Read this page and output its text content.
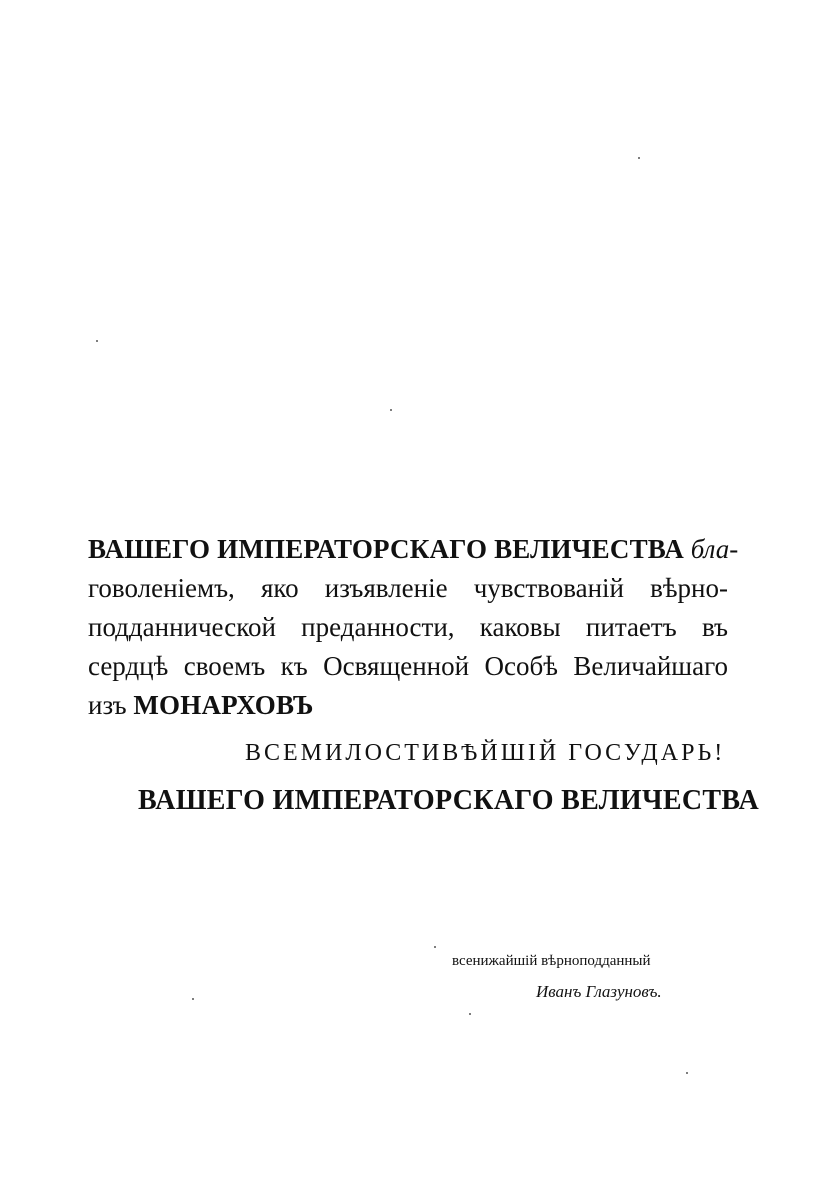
ВАШЕГО ИМПЕРАТОРСКАГО ВЕЛИЧЕСТВА бла-
говоленіемъ, яко изъявленіе чувствованій вѣрно-
подданнической преданности, каковы питаетъ въ
сердцѣ своемъ къ Освященной Особѣ Величайшаго
изъ МОНАРХОВЪ
ВСЕМИЛОСТИВѢЙШІЙ ГОСУДАРЬ!
ВАШЕГО ИМПЕРАТОРСКАГО ВЕЛИЧЕСТВА
всенижайшій вѣрноподданный
Иванъ Глазуновъ.
